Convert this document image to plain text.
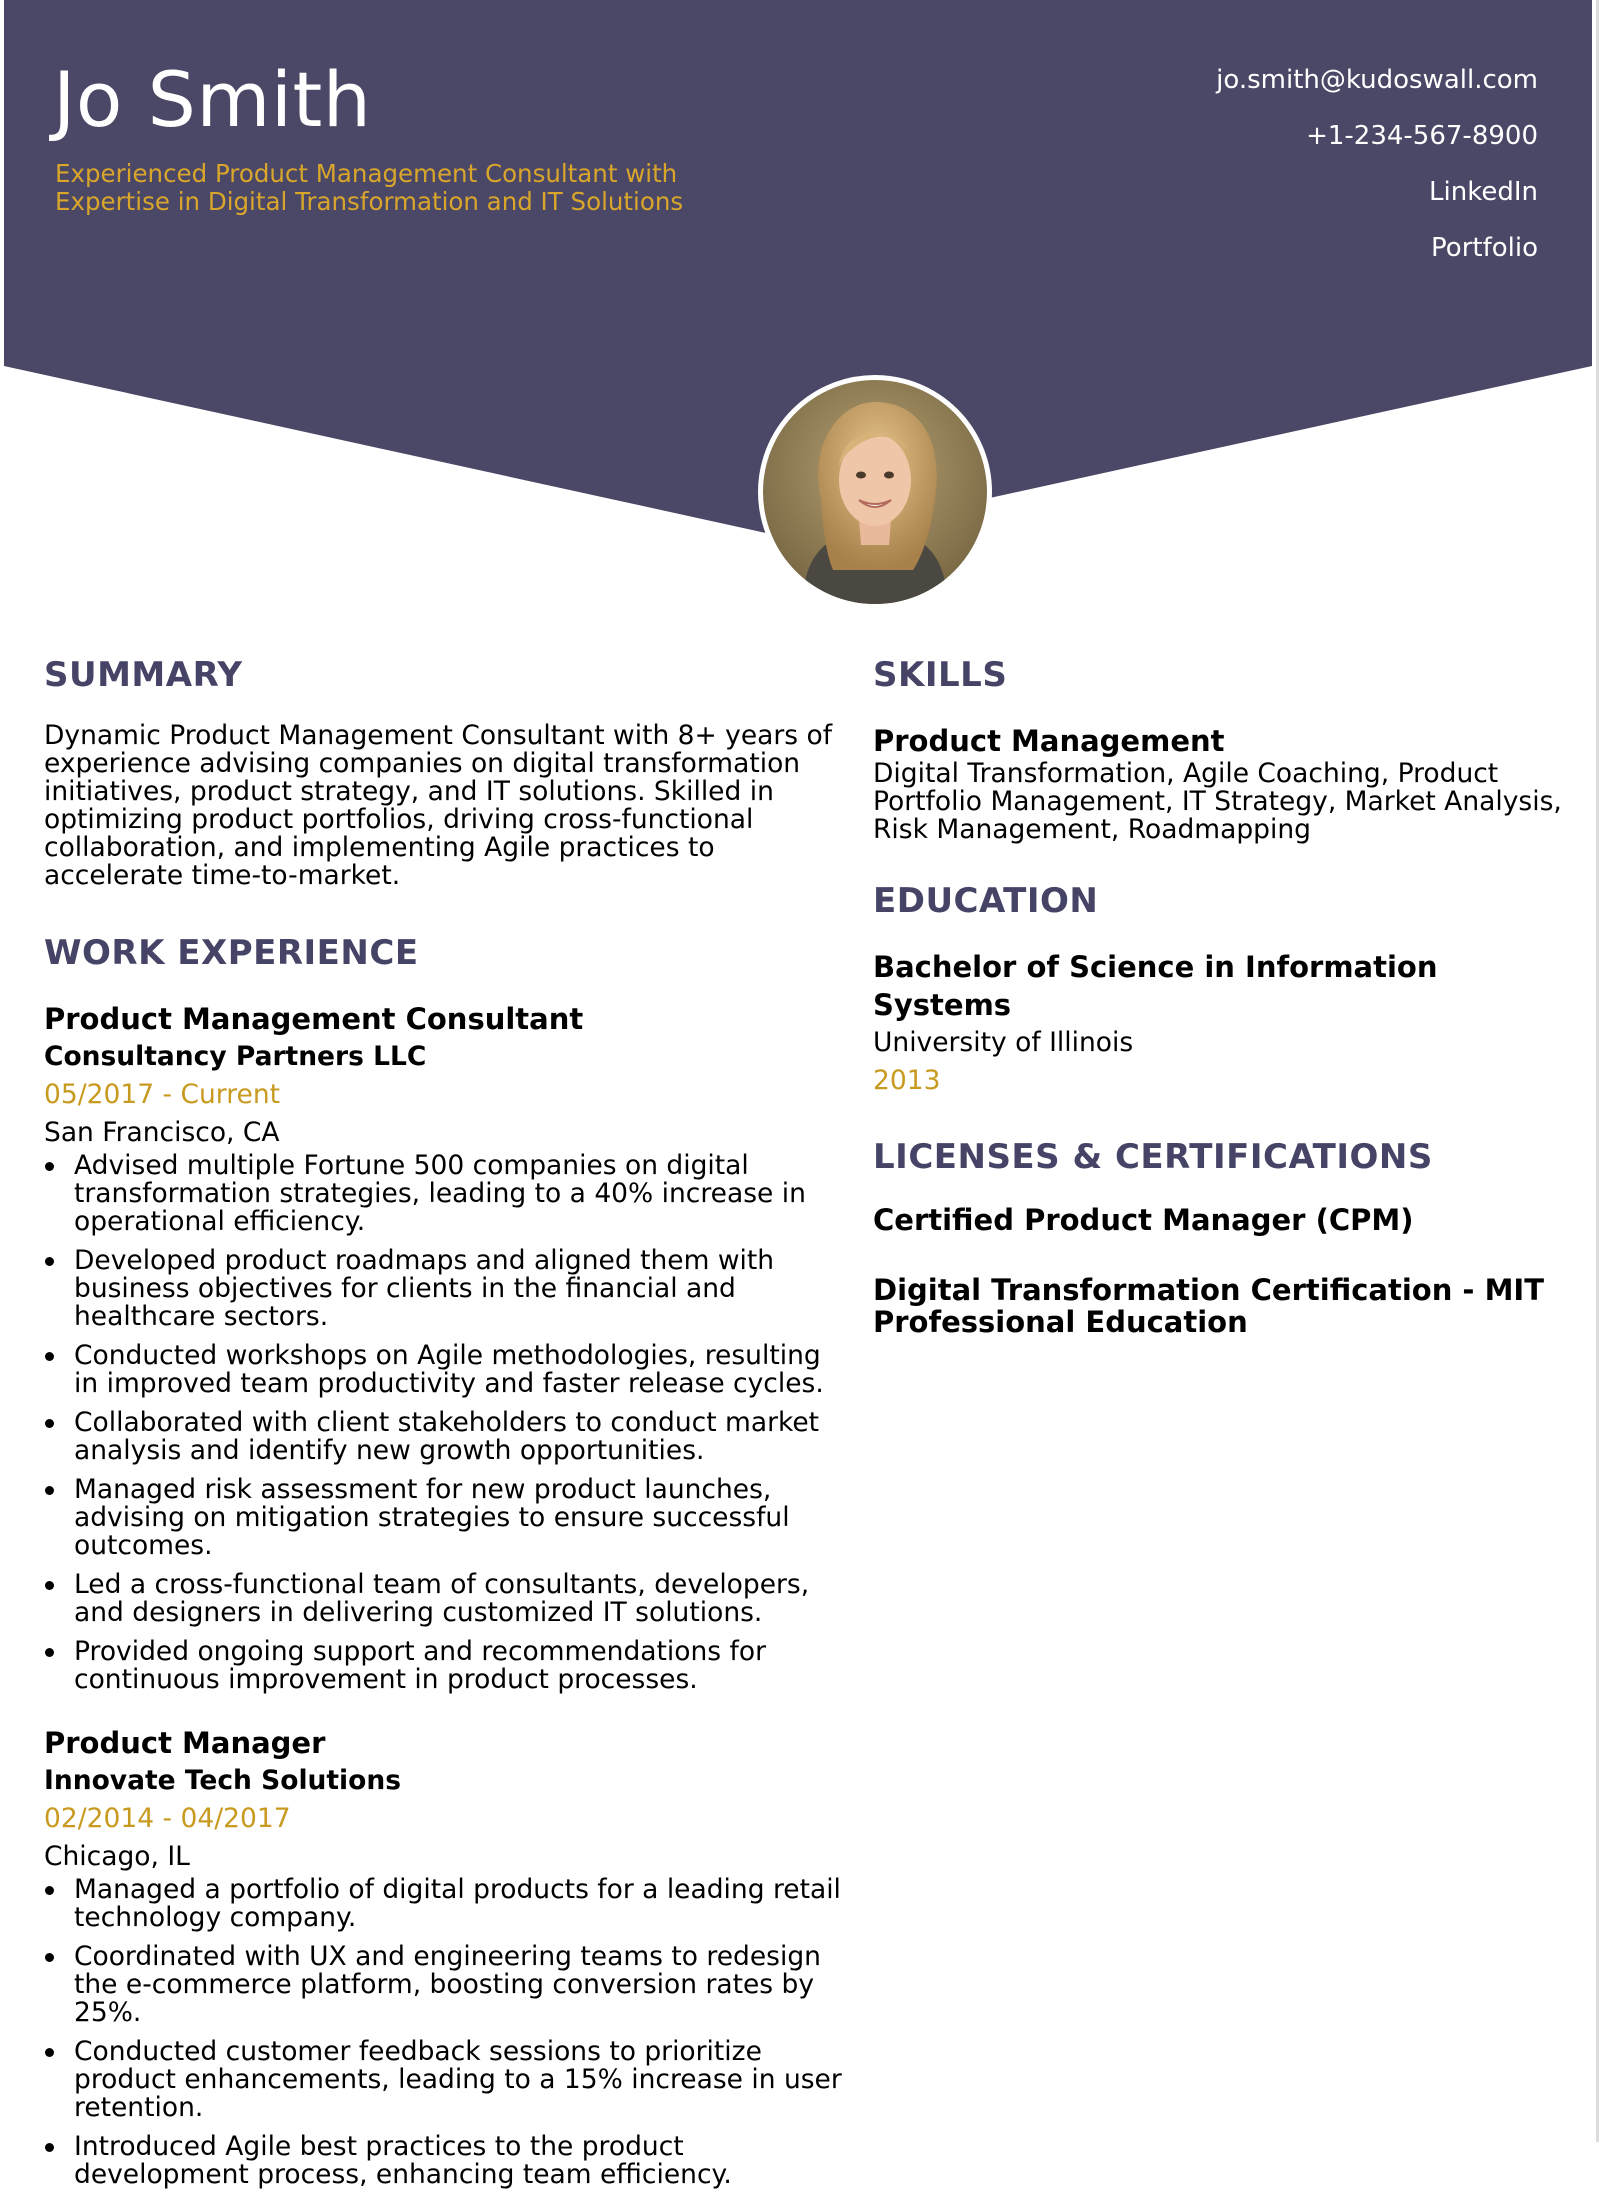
Jo Smith

Experienced Product Management Consultant with Expertise in Digital Transformation and IT Solutions

jo.smith@kudoswall.com
+1-234-567-8900
LinkedIn
Portfolio
SUMMARY

Dynamic Product Management Consultant with 8+ years of experience advising companies on digital transformation initiatives, product strategy, and IT solutions. Skilled in optimizing product portfolios, driving cross-functional collaboration, and implementing Agile practices to accelerate time-to-market.

WORK EXPERIENCE

Product Management Consultant

Consultancy Partners LLC

05/2017 - Current

San Francisco, CA

Advised multiple Fortune 500 companies on digital transformation strategies, leading to a 40% increase in operational efficiency.
Developed product roadmaps and aligned them with business objectives for clients in the financial and healthcare sectors.
Conducted workshops on Agile methodologies, resulting in improved team productivity and faster release cycles.
Collaborated with client stakeholders to conduct market analysis and identify new growth opportunities.
Managed risk assessment for new product launches, advising on mitigation strategies to ensure successful outcomes.
Led a cross-functional team of consultants, developers, and designers in delivering customized IT solutions.
Provided ongoing support and recommendations for continuous improvement in product processes.

Product Manager

Innovate Tech Solutions

02/2014 - 04/2017

Chicago, IL

Managed a portfolio of digital products for a leading retail technology company.
Coordinated with UX and engineering teams to redesign the e-commerce platform, boosting conversion rates by 25%.
Conducted customer feedback sessions to prioritize product enhancements, leading to a 15% increase in user retention.
Introduced Agile best practices to the product development process, enhancing team efficiency.
SKILLS

Product Management

Digital Transformation, Agile Coaching, Product Portfolio Management, IT Strategy, Market Analysis, Risk Management, Roadmapping

EDUCATION

Bachelor of Science in Information Systems

University of Illinois

2013

LICENSES & CERTIFICATIONS

Certified Product Manager (CPM)

Digital Transformation Certification - MIT Professional Education
